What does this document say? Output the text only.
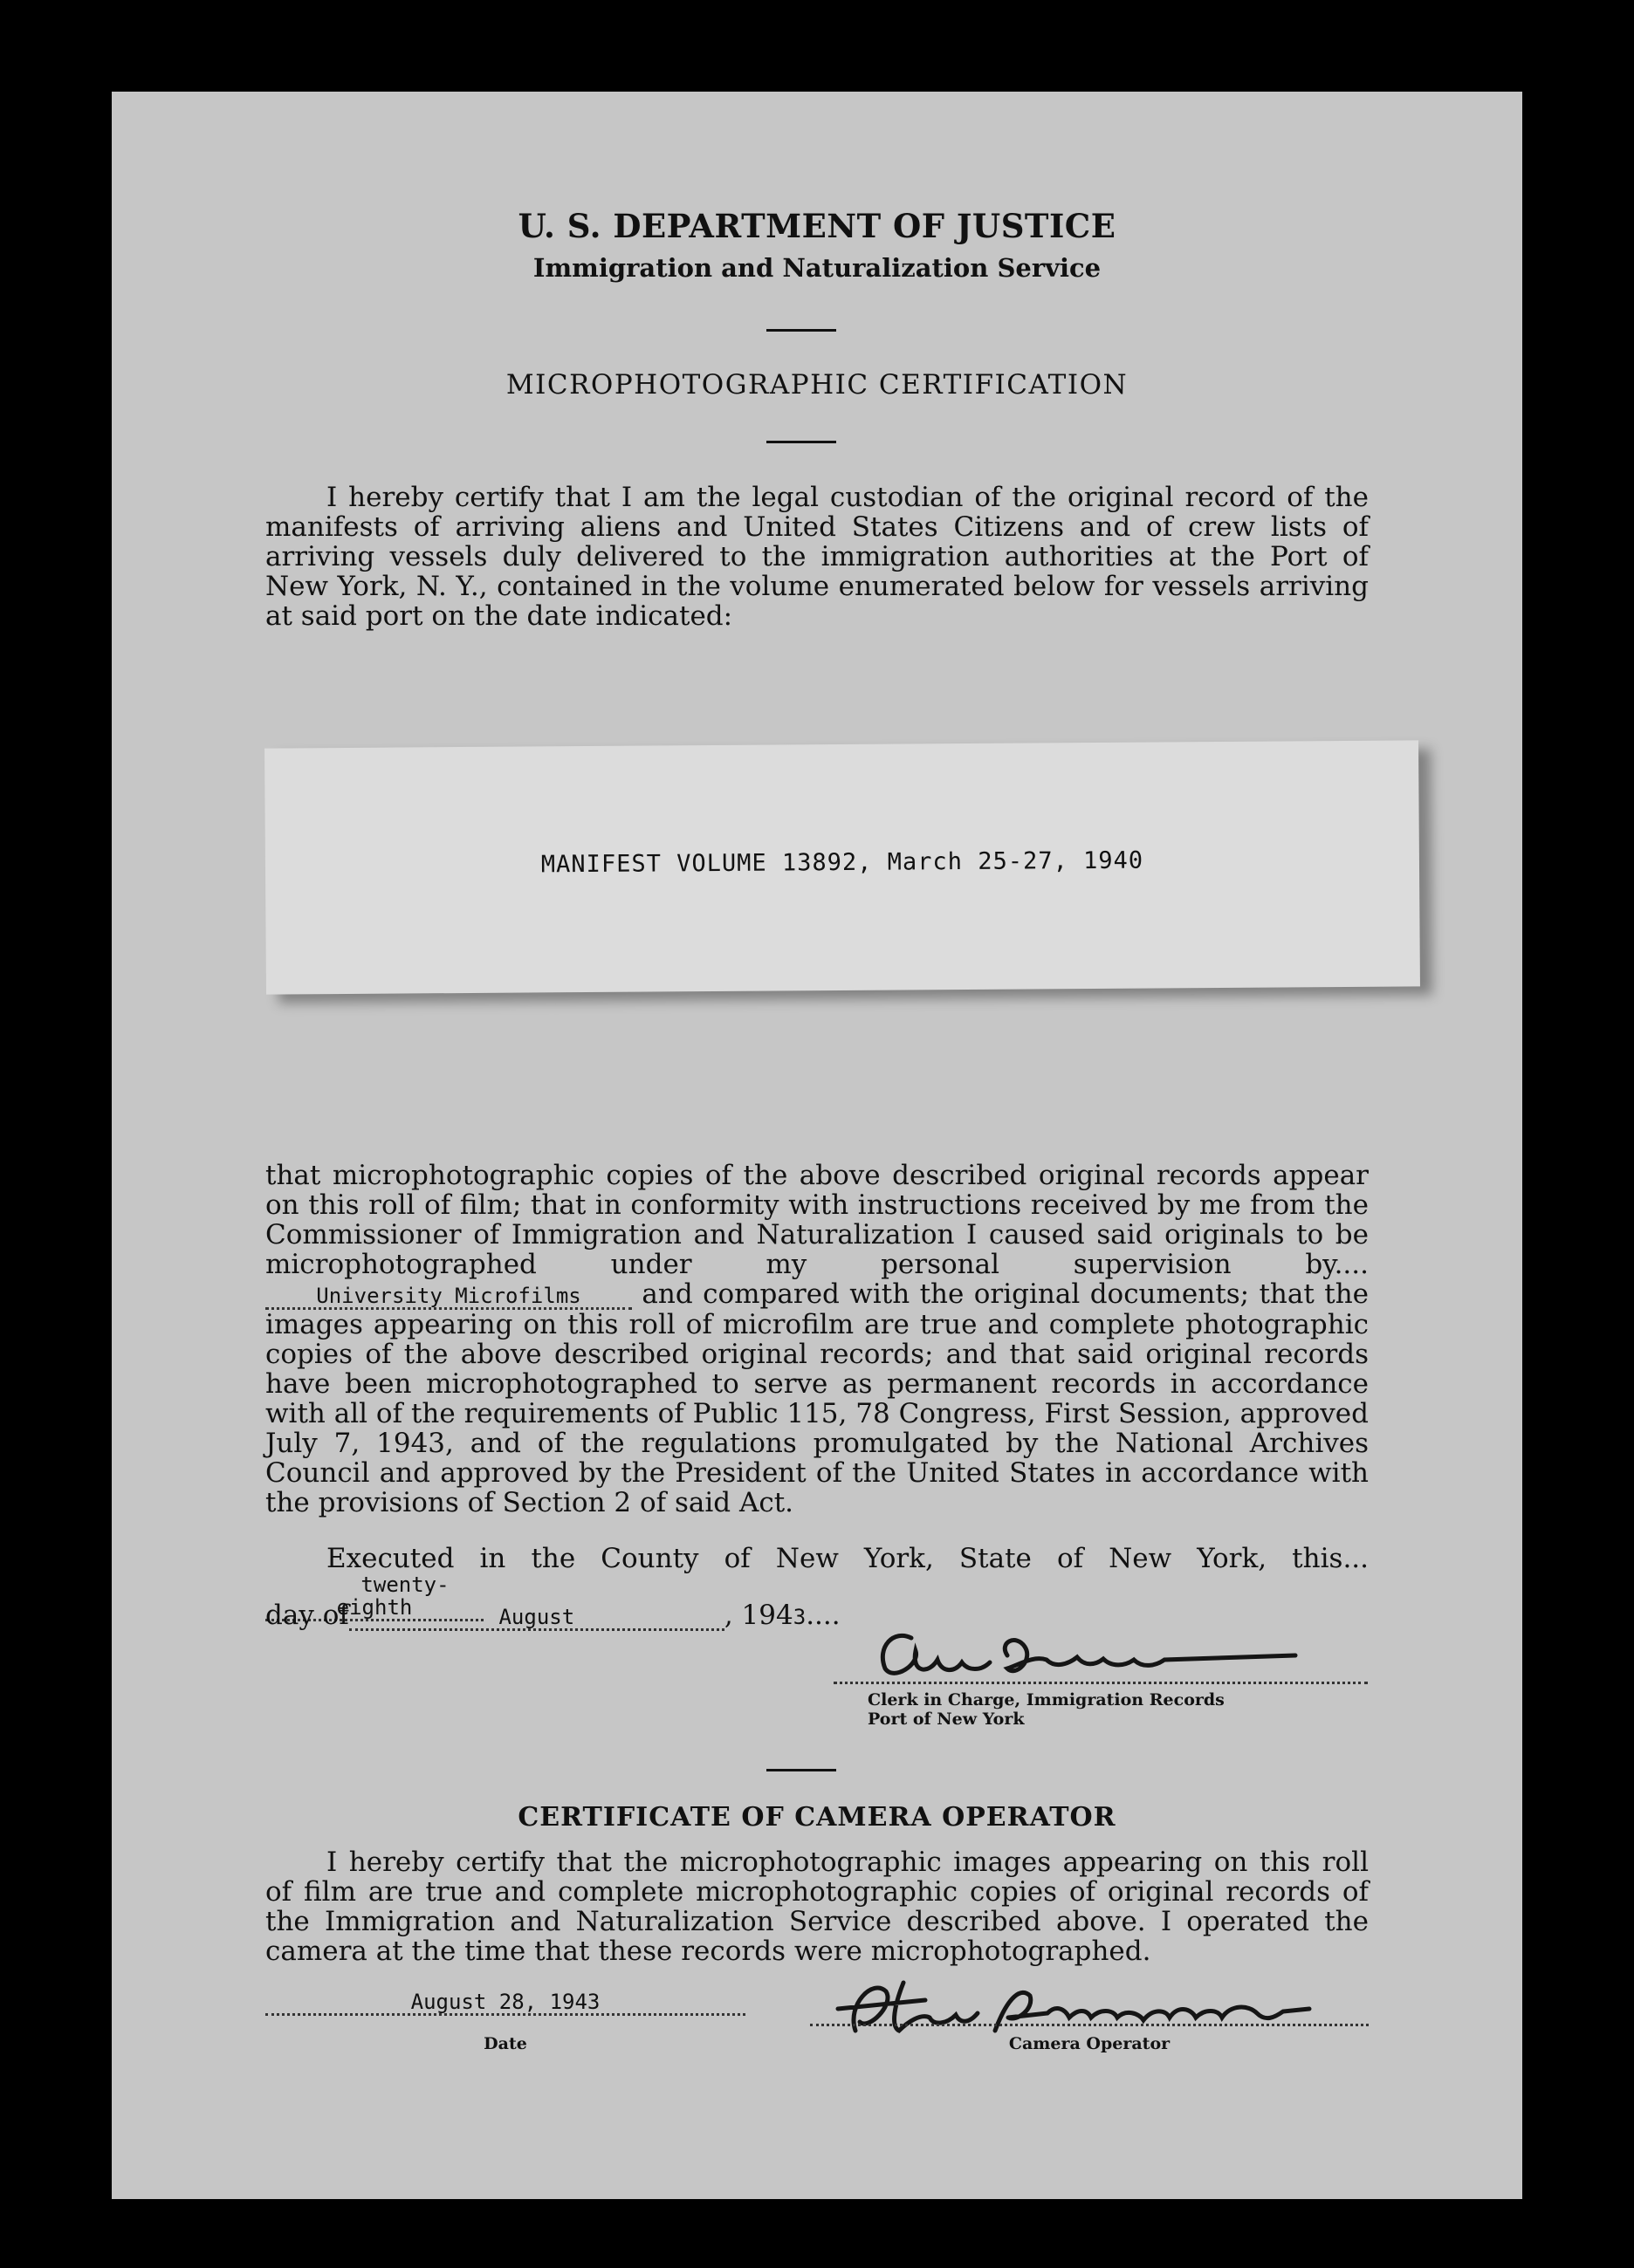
U. S. DEPARTMENT OF JUSTICE
Immigration and Naturalization Service
MICROPHOTOGRAPHIC CERTIFICATION
I hereby certify that I am the legal custodian of the original record of the manifests of arriving aliens and United States Citizens and of crew lists of arriving vessels duly delivered to the immigration authorities at the Port of New York, N. Y., contained in the volume enumerated below for vessels arriving at said port on the date indicated:
MANIFEST VOLUME 13892, March 25-27, 1940
that microphotographic copies of the above described original records appear on this roll of film; that in conformity with instructions received by me from the Commissioner of Immigration and Naturalization I caused said originals to be microphotographed under my personal supervision by....University Microfilms and compared with the original documents; that the images appearing on this roll of microfilm are true and complete photographic copies of the above described original records; and that said original records have been microphotographed to serve as permanent records in accordance with all of the requirements of Public 115, 78 Congress, First Session, approved July 7, 1943, and of the regulations promulgated by the National Archives Council and approved by the President of the United States in accordance with the provisions of Section 2 of said Act.
Executed in the County of New York, State of New York, this...twenty-eighth
day of	August	, 1943....
Clerk in Charge, Immigration Records
Port of New York
CERTIFICATE OF CAMERA OPERATOR
I hereby certify that the microphotographic images appearing on this roll of film are true and complete microphotographic copies of original records of the Immigration and Naturalization Service described above. I operated the camera at the time that these records were microphotographed.
August 28, 1943
Date	Camera Operator
